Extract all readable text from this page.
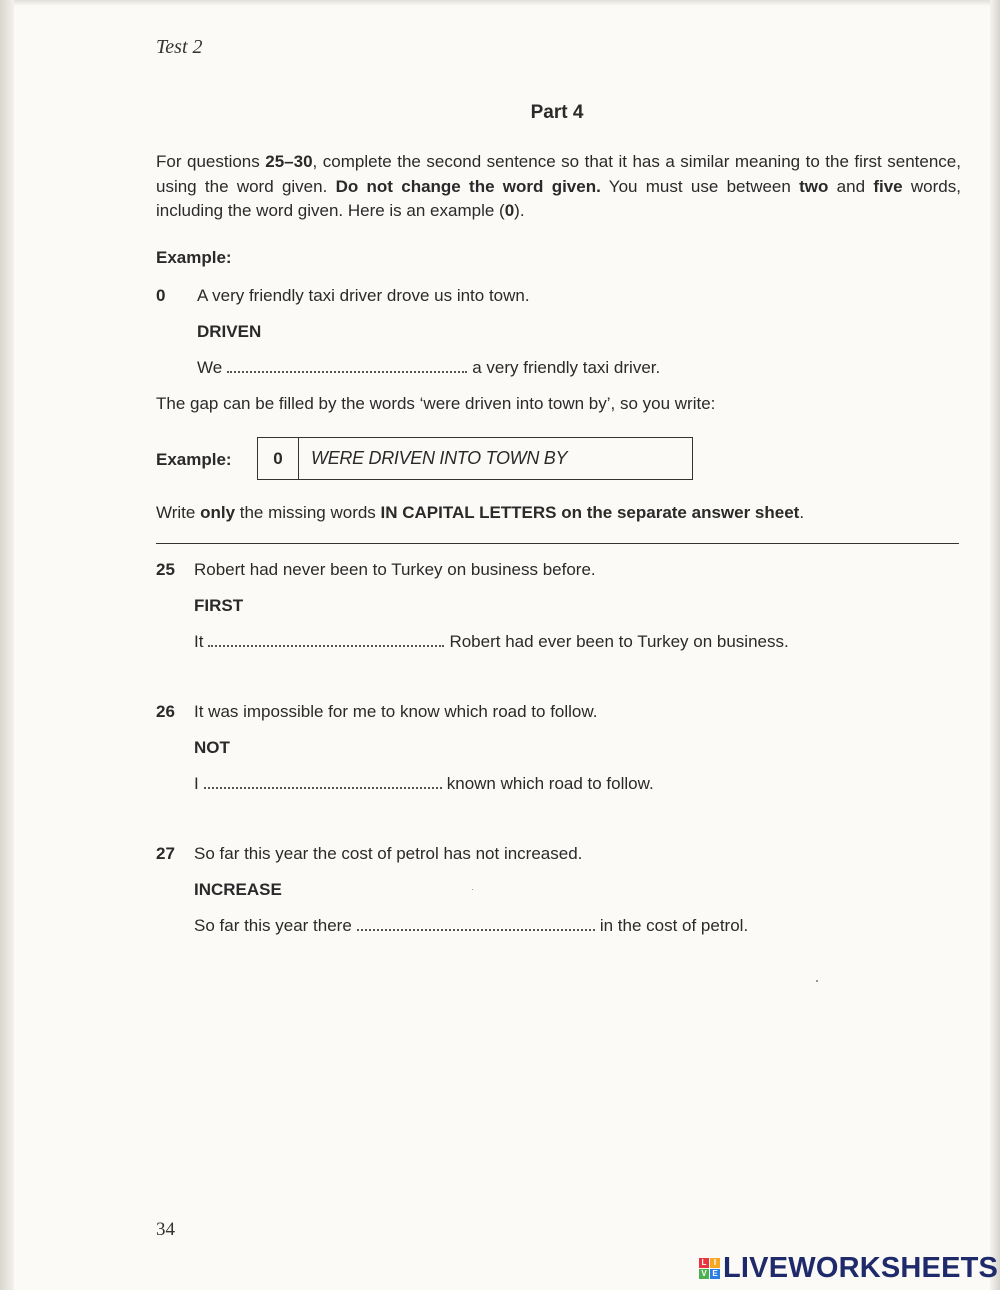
Test 2
Part 4
For questions 25–30, complete the second sentence so that it has a similar meaning to the first sentence, using the word given. Do not change the word given. You must use between two and five words, including the word given. Here is an example (0).
Example:
0 A very friendly taxi driver drove us into town.
DRIVEN
We	a very friendly taxi driver.
The gap can be filled by the words ‘were driven into town by’, so you write:
Example:	0	WERE DRIVEN INTO TOWN BY
Write only the missing words IN CAPITAL LETTERS on the separate answer sheet.
25 Robert had never been to Turkey on business before.
FIRST
It	Robert had ever been to Turkey on business.
26 It was impossible for me to know which road to follow.
NOT
I	known which road to follow.
27 So far this year the cost of petrol has not increased.
INCREASE
So far this year there	in the cost of petrol.
34
L I
V E LIVEWORKSHEETS
